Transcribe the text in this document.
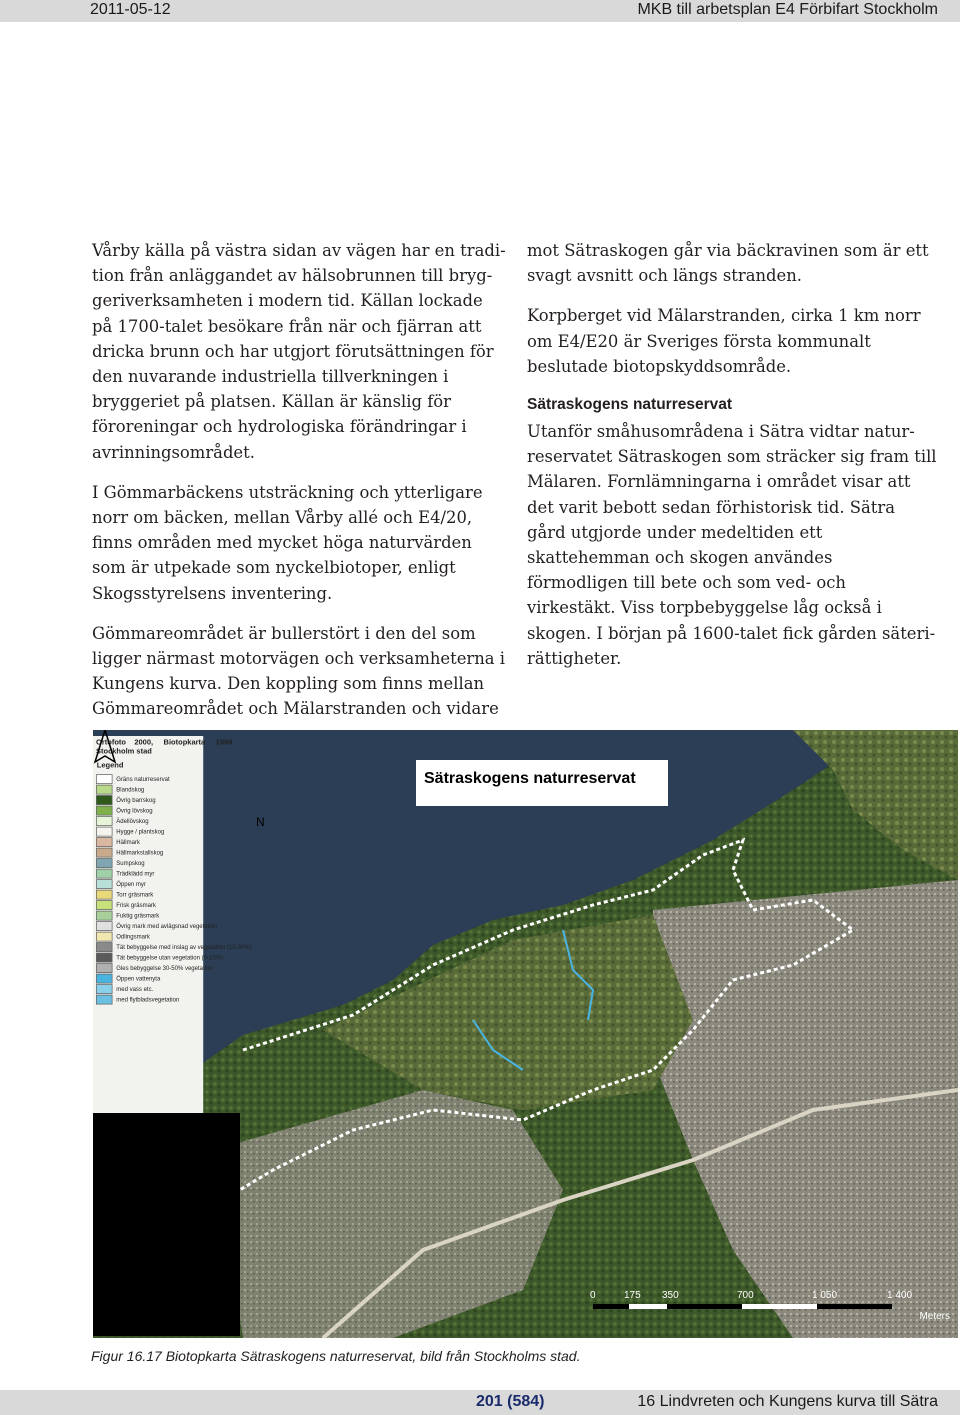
2011-05-12	MKB till arbetsplan E4 Förbifart Stockholm

Vårby källa på västra sidan av vägen har en tradition från anläggandet av hälsobrunnen till bryggeriverksamheten i modern tid. Källan lockade på 1700-talet besökare från när och fjärran att dricka brunn och har utgjort förutsättningen för den nuvarande industriella tillverkningen i bryggeriet på platsen. Källan är känslig för föroreningar och hydrologiska förändringar i avrinningsområdet.

I Gömmarbäckens utsträckning och ytterligare norr om bäcken, mellan Vårby allé och E4/20, finns områden med mycket höga naturvärden som är utpekade som nyckelbiotoper, enligt Skogsstyrelsens inventering.

Gömmareområdet är bullerstört i den del som ligger närmast motorvägen och verksamheterna i Kungens kurva. Den koppling som finns mellan Gömmareområdet och Mälarstranden och vidare

mot Sätraskogen går via bäckravinen som är ett svagt avsnitt och längs stranden.

Korpberget vid Mälarstranden, cirka 1 km norr om E4/E20 är Sveriges första kommunalt beslutade biotopskyddsområde.

Sätraskogens naturreservat

Utanför småhusområdena i Sätra vidtar naturreservatet Sätraskogen som sträcker sig fram till Mälaren. Fornlämningarna i området visar att det varit bebott sedan förhistorisk tid. Sätra gård utgjorde under medeltiden ett skattehemman och skogen användes förmodligen till bete och som ved- och virkestäkt. Viss torpbebyggelse låg också i skogen. I början på 1600-talet fick gården säterirättigheter.

Ortofoto 2000, Biotopkarta 1999
Stockholm stad
Legend
Gräns naturreservat
Blandskog
Övrig barrskog
Övrig lövskog
Ädellövskog
Hygge / plantskog
Hällmark
Hällmarkstallskog
Sumpskog
Trädklädd myr
Öppen myr
Torr gräsmark
Frisk gräsmark
Fuktig gräsmark
Övrig mark med avlägsnad vegetation
Odlingsmark
Tät bebyggelse med inslag av vegetation (10-30%)
Tät bebyggelse utan vegetation (0-10%)
Gles bebyggelse 30-50% vegetation
Öppen vattenyta
med vass etc.
med flytbladsvegetation
Sätraskogens naturreservat
N
0	175 350	700	1 050	1 400
Meters
Figur 16.17 Biotopkarta Sätraskogens naturreservat, bild från Stockholms stad.
201 (584)	16 Lindvreten och Kungens kurva till Sätra
